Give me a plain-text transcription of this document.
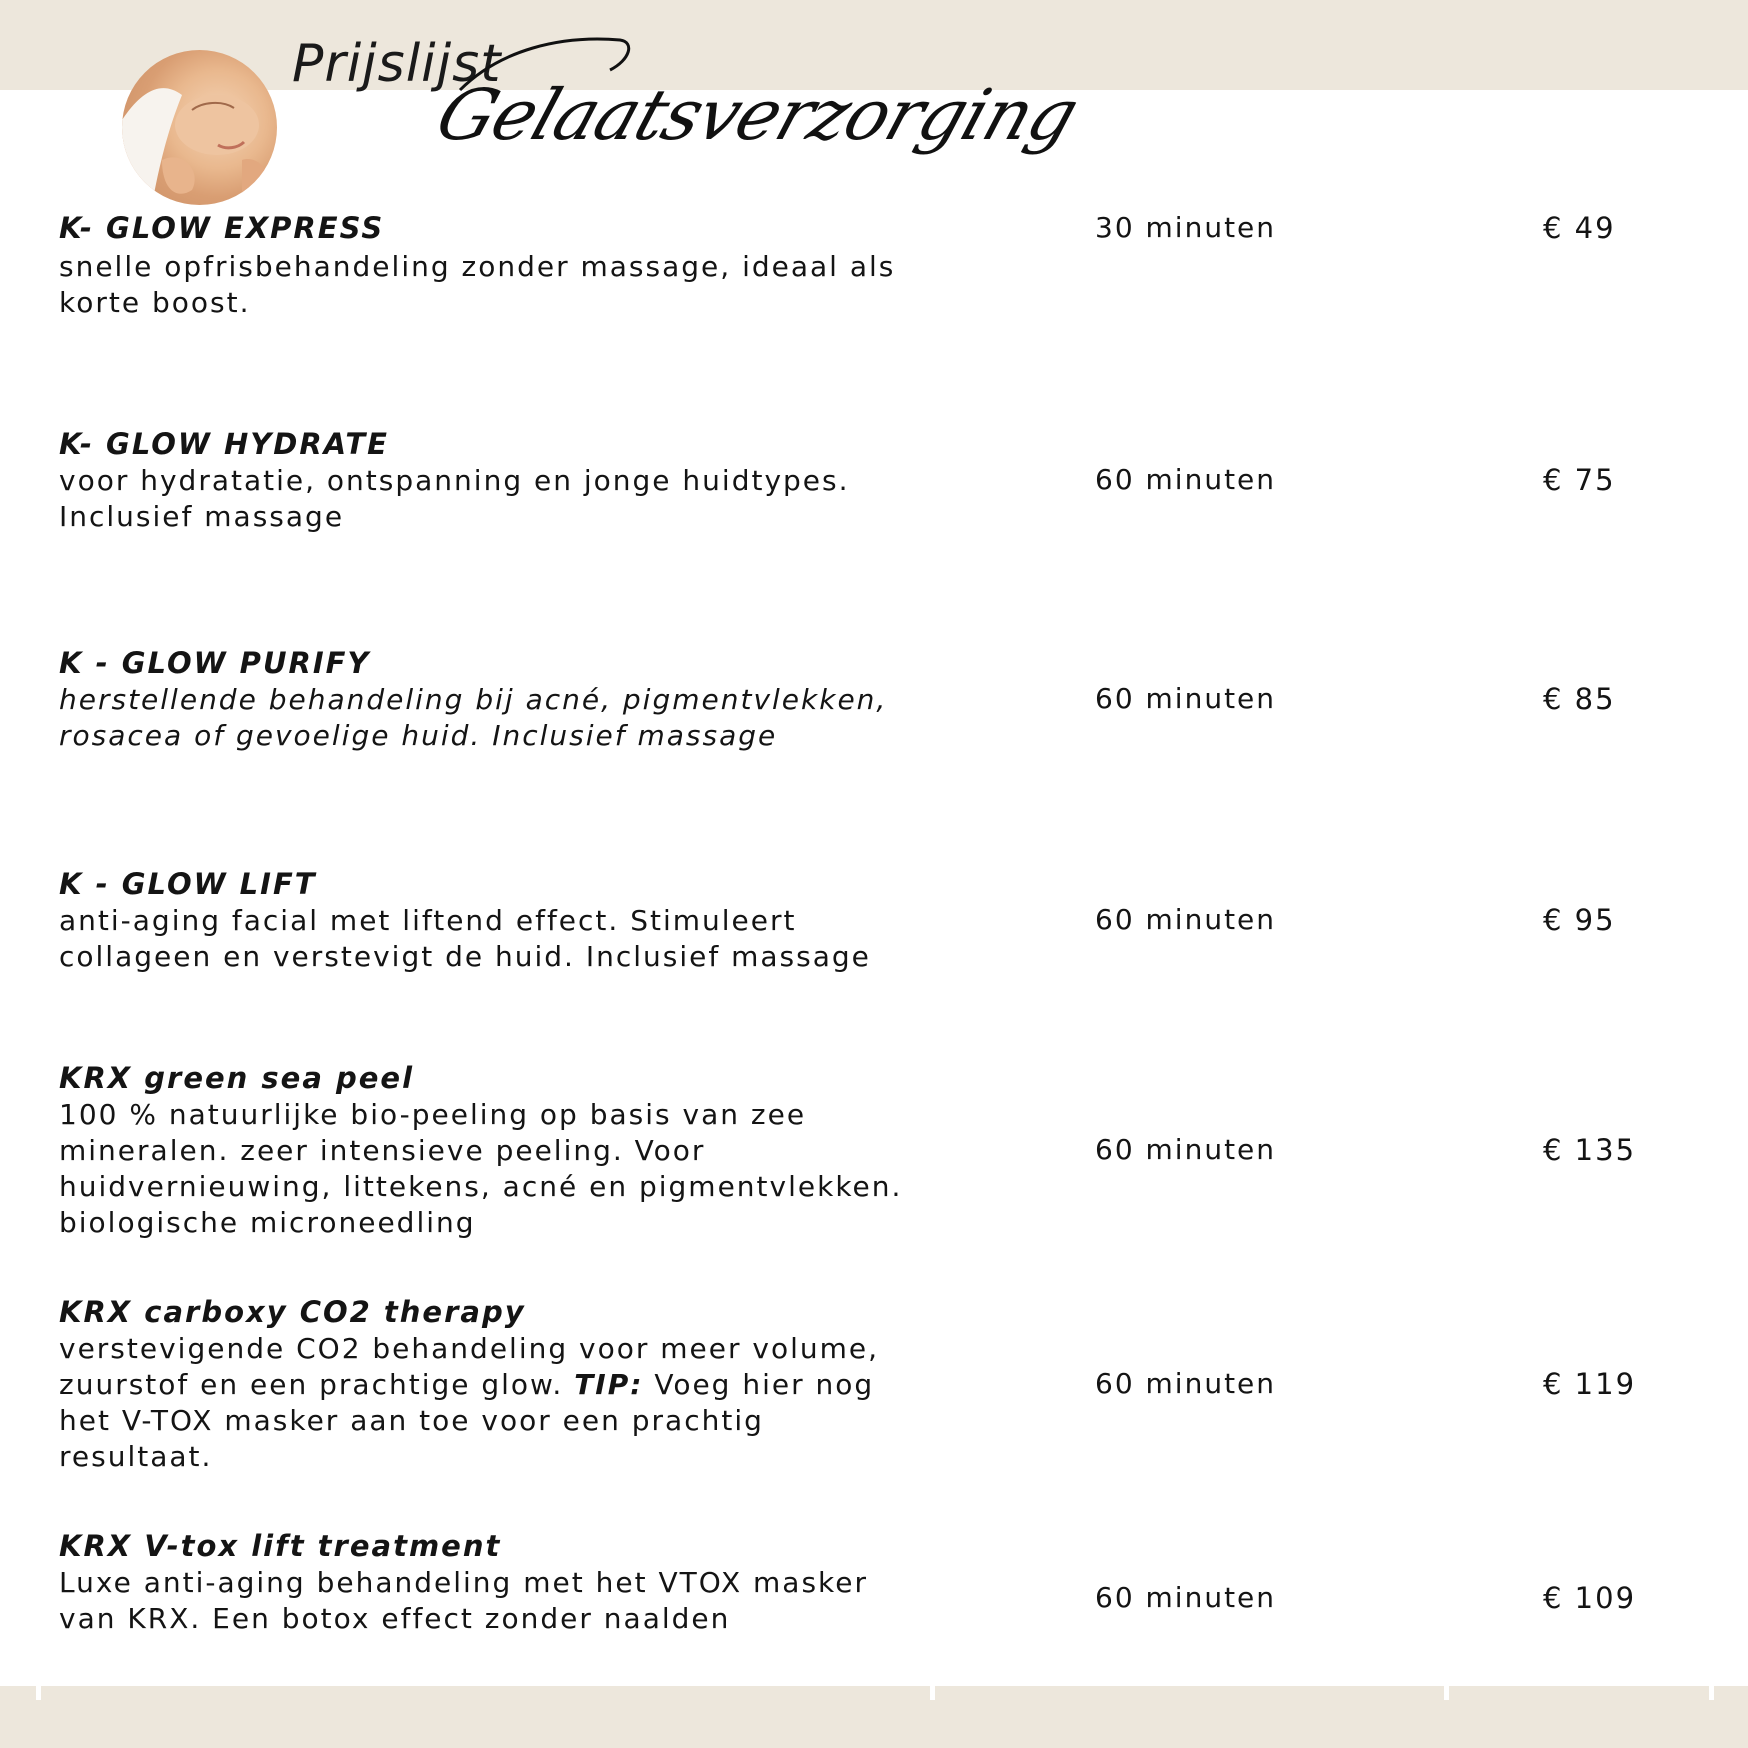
Prijslijst
Gelaatsverzorging
K- GLOW EXPRESS
snelle opfrisbehandeling zonder massage, ideaal als korte boost.
30 minuten	€ 49
K- GLOW HYDRATE
voor hydratatie, ontspanning en jonge huidtypes. Inclusief massage
60 minuten	€ 75
K - GLOW PURIFY
herstellende behandeling bij acné, pigmentvlekken, rosacea of gevoelige huid. Inclusief massage
60 minuten	€ 85
K - GLOW LIFT
anti-aging facial met liftend effect. Stimuleert collageen en verstevigt de huid. Inclusief massage
60 minuten	€ 95
KRX green sea peel
100 % natuurlijke bio-peeling op basis van zee mineralen. zeer intensieve peeling. Voor huidvernieuwing, littekens, acné en pigmentvlekken. biologische microneedling
60 minuten	€ 135
KRX carboxy CO2 therapy
verstevigende CO2 behandeling voor meer volume, zuurstof en een prachtige glow. TIP: Voeg hier nog het V-TOX masker aan toe voor een prachtig resultaat.
60 minuten	€ 119
KRX V-tox lift treatment
Luxe anti-aging behandeling met het VTOX masker van KRX. Een botox effect zonder naalden
60 minuten	€ 109
